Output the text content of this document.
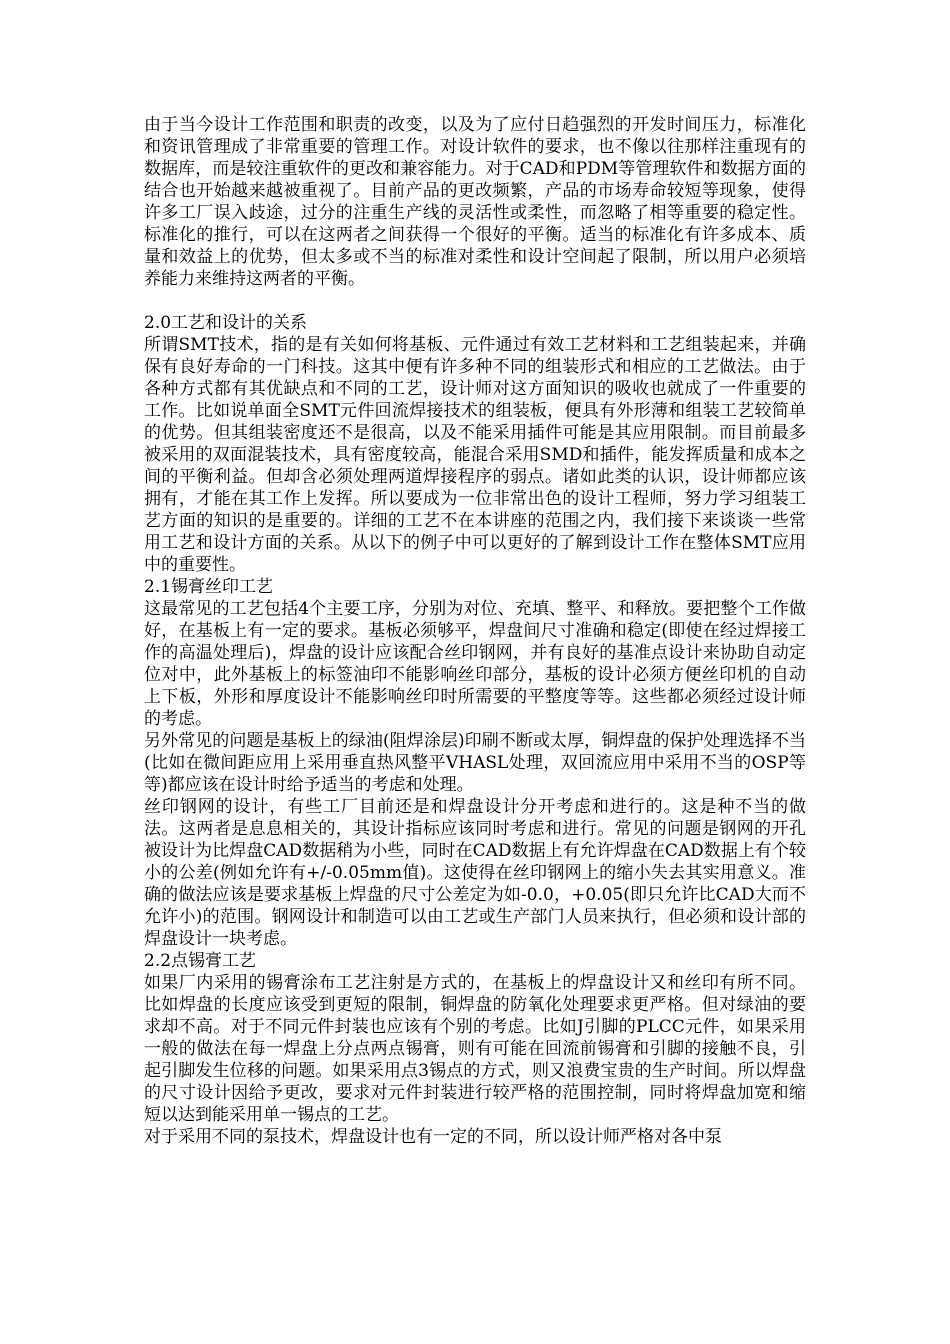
由于当今设计工作范围和职责的改变，以及为了应付日趋强烈的开发时间压力，标准化和资讯管理成了非常重要的管理工作。对设计软件的要求，也不像以往那样注重现有的数据库，而是较注重软件的更改和兼容能力。对于CAD和PDM等管理软件和数据方面的结合也开始越来越被重视了。目前产品的更改频繁，产品的市场寿命较短等现象，使得许多工厂误入歧途，过分的注重生产线的灵活性或柔性，而忽略了相等重要的稳定性。标准化的推行，可以在这两者之间获得一个很好的平衡。适当的标准化有许多成本、质量和效益上的优势，但太多或不当的标准对柔性和设计空间起了限制，所以用户必须培养能力来维持这两者的平衡。

2.0工艺和设计的关系

所谓SMT技术，指的是有关如何将基板、元件通过有效工艺材料和工艺组装起来，并确保有良好寿命的一门科技。这其中便有许多种不同的组装形式和相应的工艺做法。由于各种方式都有其优缺点和不同的工艺，设计师对这方面知识的吸收也就成了一件重要的工作。比如说单面全SMT元件回流焊接技术的组装板，便具有外形薄和组装工艺较简单的优势。但其组装密度还不是很高，以及不能采用插件可能是其应用限制。而目前最多被采用的双面混装技术，具有密度较高，能混合采用SMD和插件，能发挥质量和成本之间的平衡利益。但却含必须处理两道焊接程序的弱点。诸如此类的认识，设计师都应该拥有，才能在其工作上发挥。所以要成为一位非常出色的设计工程师，努力学习组装工艺方面的知识的是重要的。详细的工艺不在本讲座的范围之内，我们接下来谈谈一些常用工艺和设计方面的关系。从以下的例子中可以更好的了解到设计工作在整体SMT应用中的重要性。

2.1锡膏丝印工艺

这最常见的工艺包括4个主要工序，分别为对位、充填、整平、和释放。要把整个工作做好，在基板上有一定的要求。基板必须够平，焊盘间尺寸准确和稳定(即使在经过焊接工作的高温处理后)，焊盘的设计应该配合丝印钢网，并有良好的基准点设计来协助自动定位对中，此外基板上的标签油印不能影响丝印部分，基板的设计必须方便丝印机的自动上下板，外形和厚度设计不能影响丝印时所需要的平整度等等。这些都必须经过设计师的考虑。

另外常见的问题是基板上的绿油(阻焊涂层)印刷不断或太厚，铜焊盘的保护处理选择不当(比如在微间距应用上采用垂直热风整平VHASL处理，双回流应用中采用不当的OSP等等)都应该在设计时给予适当的考虑和处理。

丝印钢网的设计，有些工厂目前还是和焊盘设计分开考虑和进行的。这是种不当的做法。这两者是息息相关的，其设计指标应该同时考虑和进行。常见的问题是钢网的开孔被设计为比焊盘CAD数据稍为小些，同时在CAD数据上有允许焊盘在CAD数据上有个较小的公差(例如允许有+/-0.05mm值)。这使得在丝印钢网上的缩小失去其实用意义。准确的做法应该是要求基板上焊盘的尺寸公差定为如-0.0，+0.05(即只允许比CAD大而不允许小)的范围。钢网设计和制造可以由工艺或生产部门人员来执行，但必须和设计部的焊盘设计一块考虑。

2.2点锡膏工艺

如果厂内采用的锡膏涂布工艺注射是方式的，在基板上的焊盘设计又和丝印有所不同。比如焊盘的长度应该受到更短的限制，铜焊盘的防氧化处理要求更严格。但对绿油的要求却不高。对于不同元件封装也应该有个别的考虑。比如J引脚的PLCC元件，如果采用一般的做法在每一焊盘上分点两点锡膏，则有可能在回流前锡膏和引脚的接触不良，引起引脚发生位移的问题。如果采用点3锡点的方式，则又浪费宝贵的生产时间。所以焊盘的尺寸设计因给予更改，要求对元件封装进行较严格的范围控制，同时将焊盘加宽和缩短以达到能采用单一锡点的工艺。

对于采用不同的泵技术，焊盘设计也有一定的不同，所以设计师严格对各中泵
